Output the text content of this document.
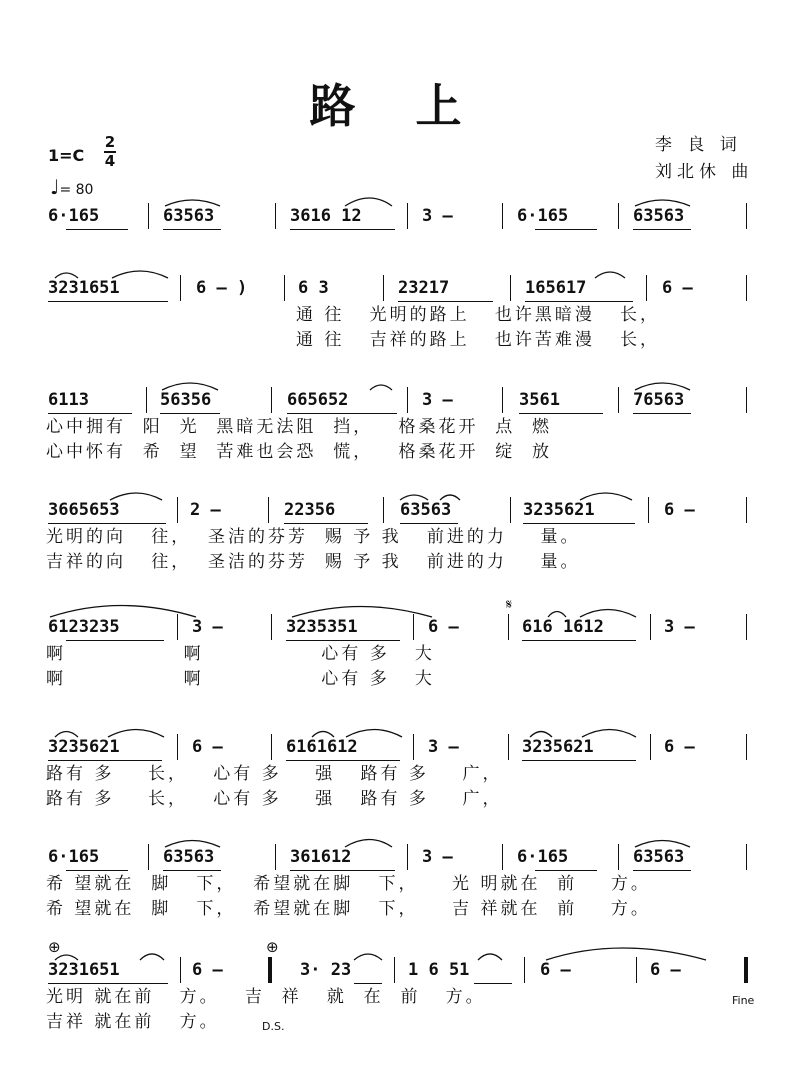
路 上
1=C
2
4
♩= 80
李 良 词
刘北休 曲
6·165	63563	3616 12	3 –	6·165	63563
3231651	6 – )	6 3	23217	165617	6 –
通 往   光明的路上   也许黑暗漫   长，
通 往   吉祥的路上   也许苦难漫   长，
6113	56356	665652	3 –	3561	76563
心中拥有  阳  光  黑暗无法阻  挡，   格桑花开  点  燃
心中怀有  希  望  苦难也会恐  慌，   格桑花开  绽  放
3665653	2 –	22356	63563	3235621	6 –
光明的向   往，  圣洁的芬芳  赐 予 我   前进的力    量。
吉祥的向   往，  圣洁的芬芳  赐 予 我   前进的力    量。
6123235	3 –	3235351	6 –	616 1612	3 –
啊              啊              心有 多   大
啊              啊              心有 多   大
𝄋
3235621	6 –	6161612	3 –	3235621	6 –
路有 多    长，   心有 多    强   路有 多    广，
路有 多    长，   心有 多    强   路有 多    广，
6·165	63563	361612	3 –	6·165	63563
希 望就在  脚   下，  希望就在脚   下，    光 明就在  前    方。
希 望就在  脚   下，  希望就在脚   下，    吉 祥就在  前    方。
3231651	6 –	3· 23	1 6 51	6 –	6 –
光明 就在前   方。   吉  祥   就  在  前   方。
吉祥 就在前   方。
⊕	⊕
Fine
D.S.
